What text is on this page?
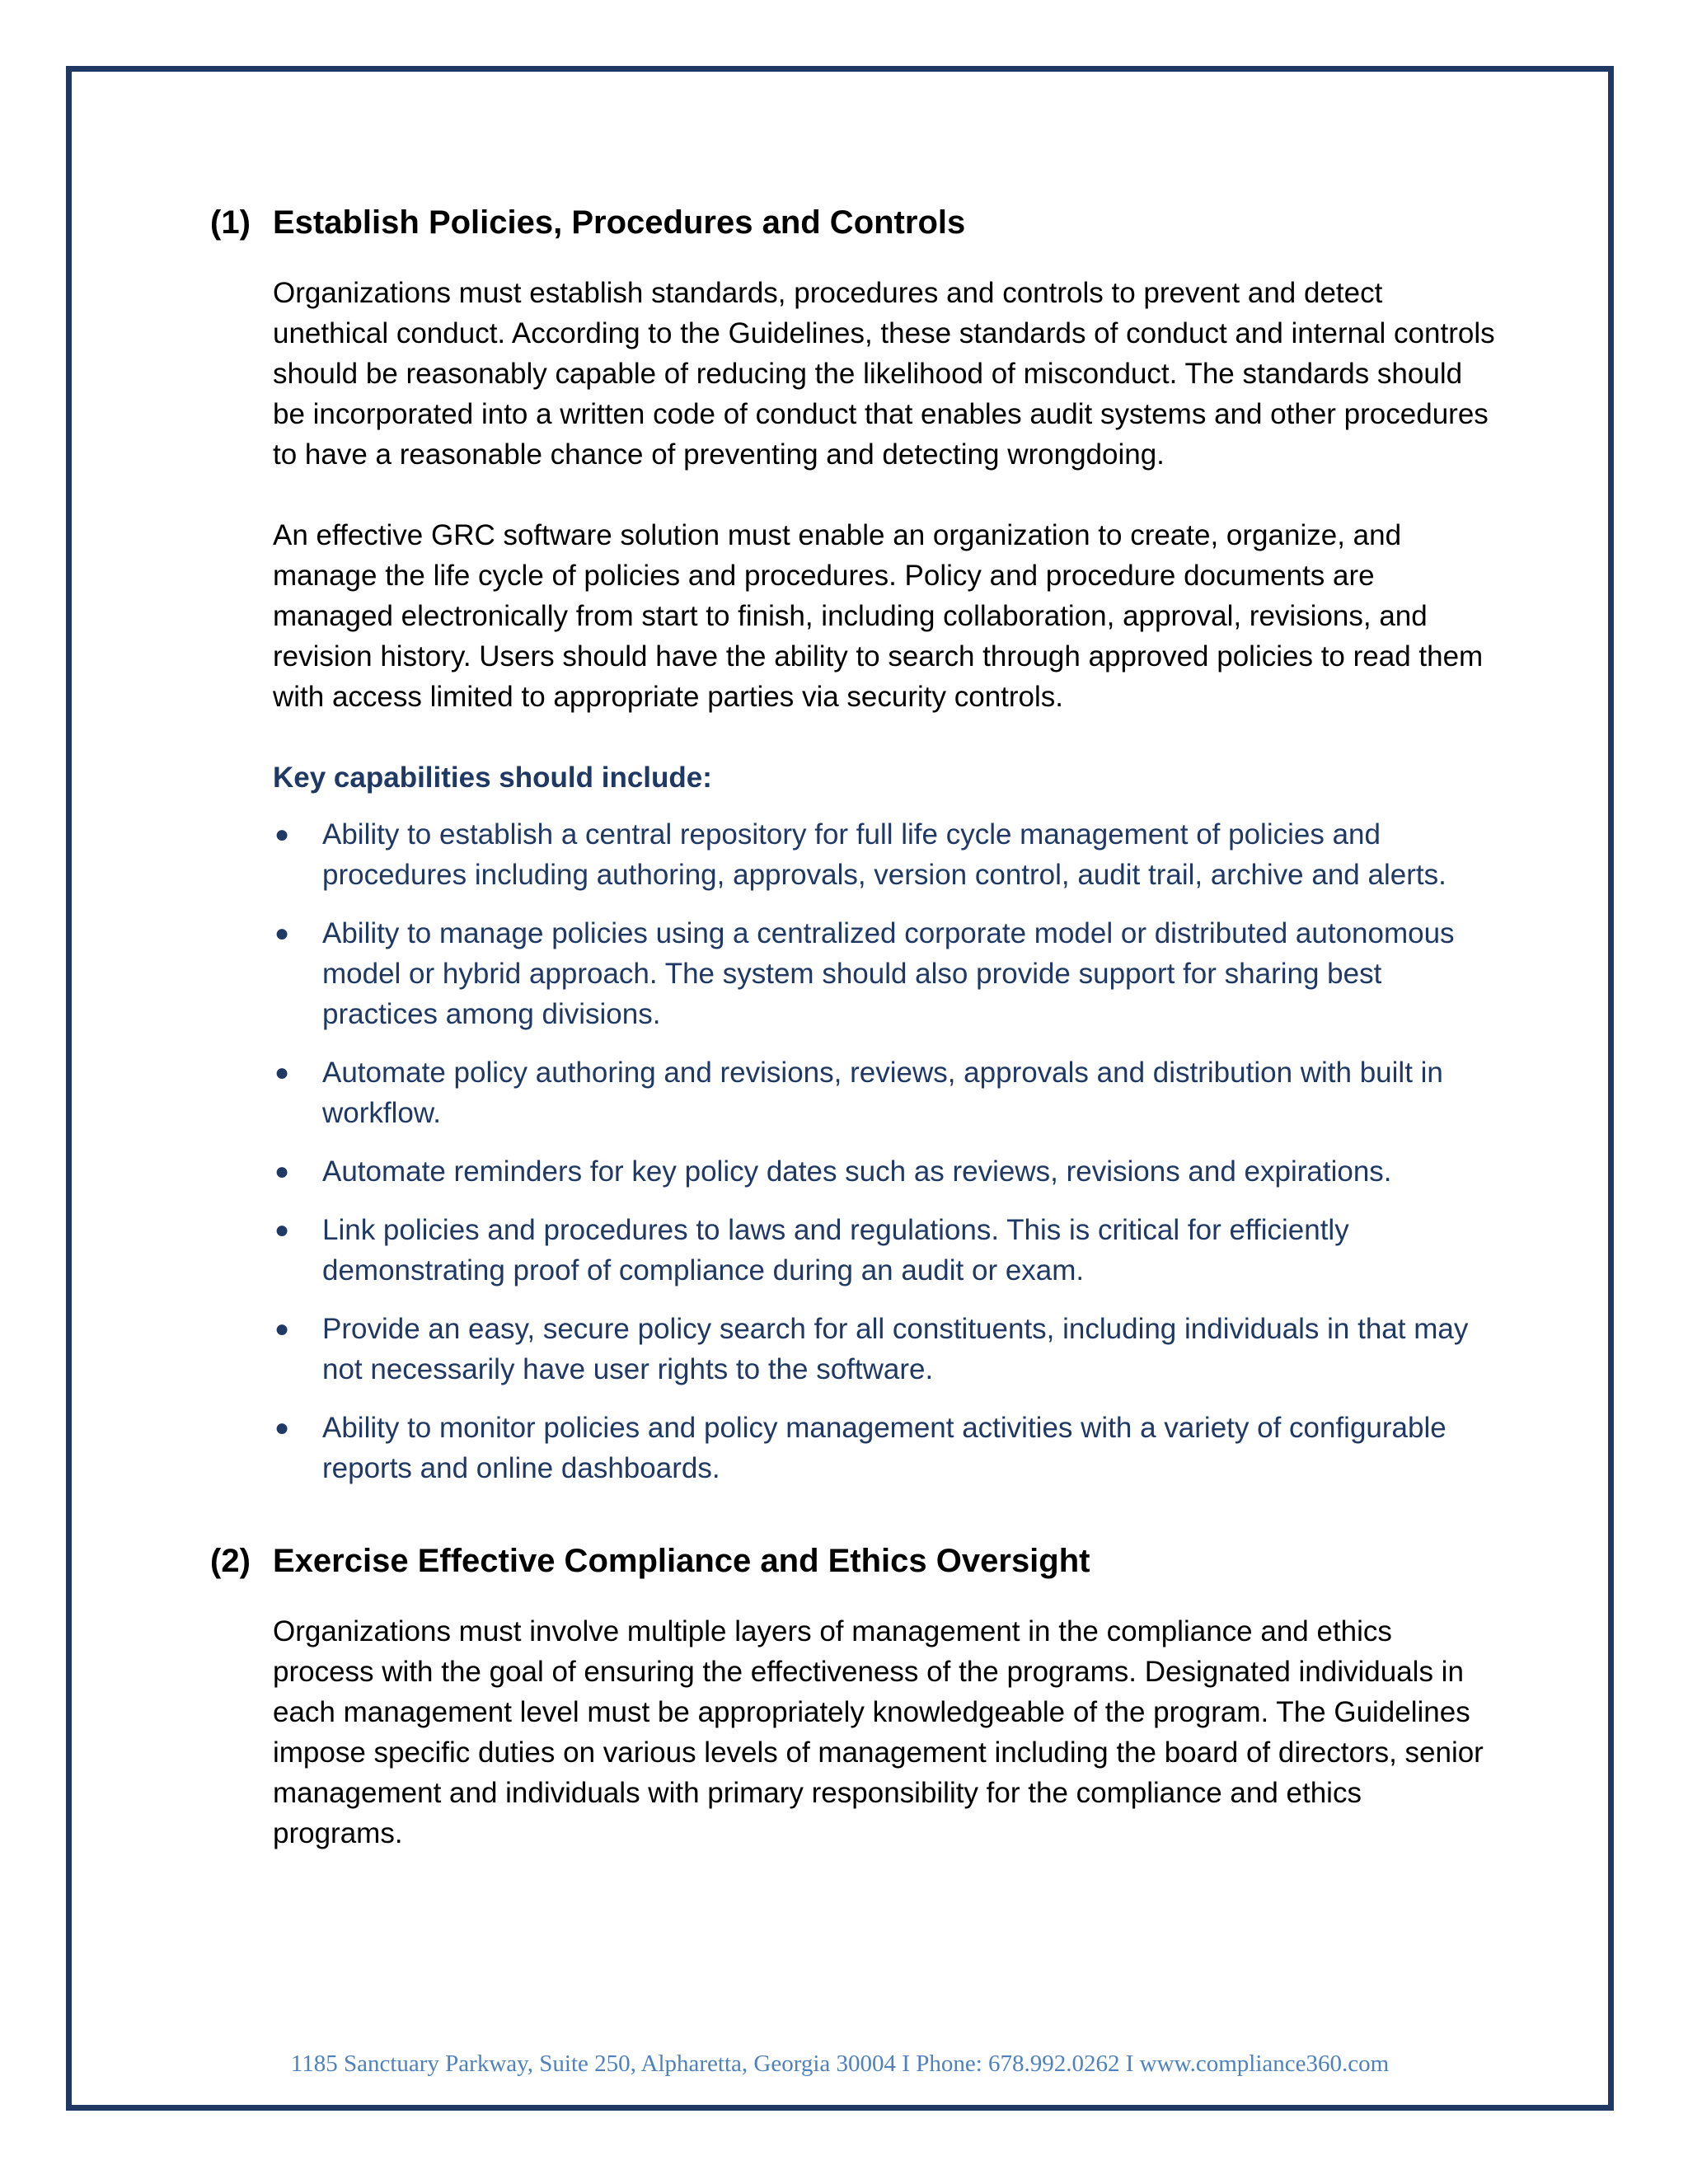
(1) Establish Policies, Procedures and Controls

Organizations must establish standards, procedures and controls to prevent and detect unethical conduct. According to the Guidelines, these standards of conduct and internal controls should be reasonably capable of reducing the likelihood of misconduct. The standards should be incorporated into a written code of conduct that enables audit systems and other procedures to have a reasonable chance of preventing and detecting wrongdoing.

An effective GRC software solution must enable an organization to create, organize, and manage the life cycle of policies and procedures. Policy and procedure documents are managed electronically from start to finish, including collaboration, approval, revisions, and revision history. Users should have the ability to search through approved policies to read them with access limited to appropriate parties via security controls.

Key capabilities should include:

● Ability to establish a central repository for full life cycle management of policies and procedures including authoring, approvals, version control, audit trail, archive and alerts.
● Ability to manage policies using a centralized corporate model or distributed autonomous model or hybrid approach. The system should also provide support for sharing best practices among divisions.
● Automate policy authoring and revisions, reviews, approvals and distribution with built in workflow.
● Automate reminders for key policy dates such as reviews, revisions and expirations.
● Link policies and procedures to laws and regulations. This is critical for efficiently demonstrating proof of compliance during an audit or exam.
● Provide an easy, secure policy search for all constituents, including individuals in that may not necessarily have user rights to the software.
● Ability to monitor policies and policy management activities with a variety of configurable reports and online dashboards.
(2) Exercise Effective Compliance and Ethics Oversight

Organizations must involve multiple layers of management in the compliance and ethics process with the goal of ensuring the effectiveness of the programs. Designated individuals in each management level must be appropriately knowledgeable of the program. The Guidelines impose specific duties on various levels of management including the board of directors, senior management and individuals with primary responsibility for the compliance and ethics programs.

1185 Sanctuary Parkway, Suite 250, Alpharetta, Georgia 30004 I Phone: 678.992.0262 I www.compliance360.com
